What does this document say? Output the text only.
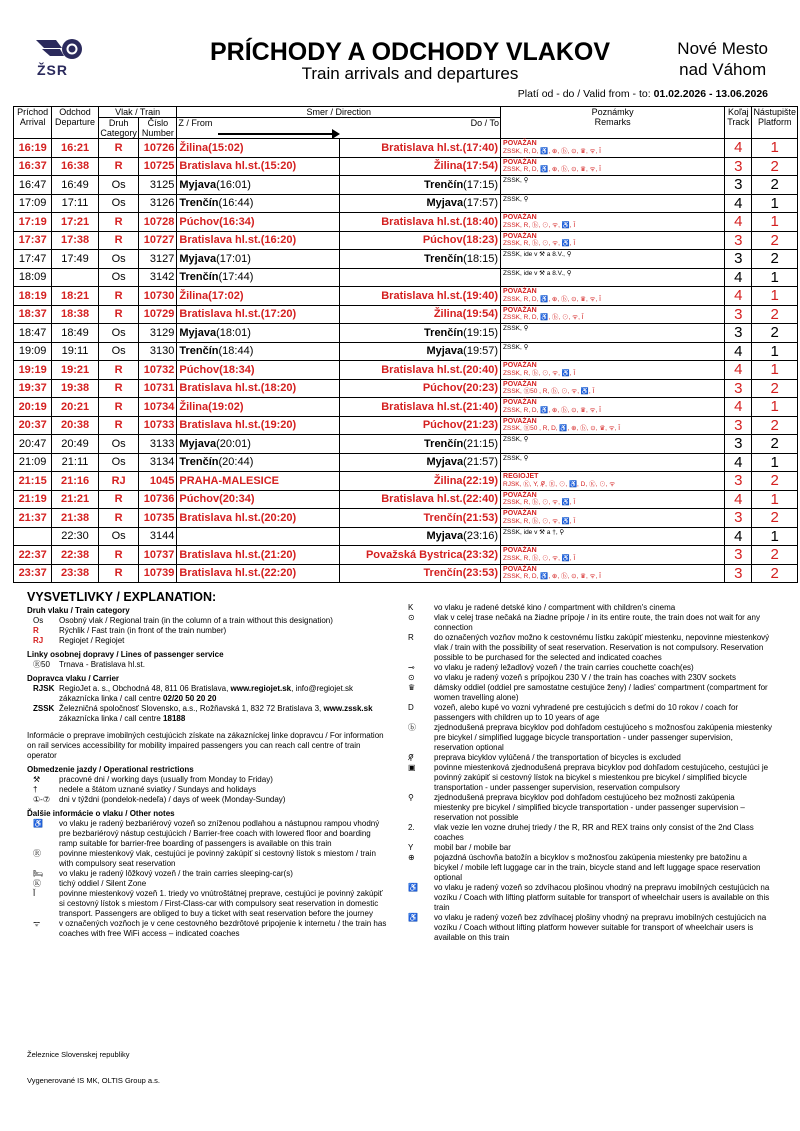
ŽSR
PRÍCHODY A ODCHODY VLAKOV
Train arrivals and departures
Nové Mesto
nad Váhom
Platí od - do / Valid from - to: 01.02.2026 - 13.06.2026
Príchod
Arrival	Odchod
Departure	Vlak / Train		Smer / Direction		Poznámky
Remarks	Koľaj
Track	Nástupište
Platform
		Druh
Category	Číslo
Number	Z / From	Do / To			
16:19	16:21	R	10726	Žilina(15:02)	Bratislava hl.st.(17:40)	POVAŽAN
ZSSK, R, D, ♿, ⊕, ⓑ, ⊙, ♛, ᯤ, Ĭ	4	1
16:37	16:38	R	10725	Bratislava hl.st.(15:20)	Žilina(17:54)	POVAŽAN
ZSSK, R, D, ♿, ⊕, ⓑ, ⊙, ♛, ᯤ, Ĭ	3	2
16:47	16:49	Os	3125	Myjava(16:01)	Trenčín(17:15)	ZSSK, ⚲	3	2
17:09	17:11	Os	3126	Trenčín(16:44)	Myjava(17:57)	ZSSK, ⚲	4	1
17:19	17:21	R	10728	Púchov(16:34)	Bratislava hl.st.(18:40)	POVAŽAN
ZSSK, R, ⓑ, ⊙, ᯤ, ♿, Ĭ	4	1
17:37	17:38	R	10727	Bratislava hl.st.(16:20)	Púchov(18:23)	POVAŽAN
ZSSK, R, ⓑ, ⊙, ᯤ, ♿, Ĭ	3	2
17:47	17:49	Os	3127	Myjava(17:01)	Trenčín(18:15)	ZSSK, ide v ⚒ a 8.V., ⚲	3	2
18:09		Os	3142	Trenčín(17:44)		ZSSK, ide v ⚒ a 8.V., ⚲	4	1
18:19	18:21	R	10730	Žilina(17:02)	Bratislava hl.st.(19:40)	POVAŽAN
ZSSK, R, D, ♿, ⊕, ⓑ, ⊙, ♛, ᯤ, Ĭ	4	1
18:37	18:38	R	10729	Bratislava hl.st.(17:20)	Žilina(19:54)	POVAŽAN
ZSSK, R, D, ♿, ⓑ, ⊙, ᯤ, Ĭ	3	2
18:47	18:49	Os	3129	Myjava(18:01)	Trenčín(19:15)	ZSSK, ⚲	3	2
19:09	19:11	Os	3130	Trenčín(18:44)	Myjava(19:57)	ZSSK, ⚲	4	1
19:19	19:21	R	10732	Púchov(18:34)	Bratislava hl.st.(20:40)	POVAŽAN
ZSSK, R, ⓑ, ⊙, ᯤ, ♿, Ĭ	4	1
19:37	19:38	R	10731	Bratislava hl.st.(18:20)	Púchov(20:23)	POVAŽAN
ZSSK, Ⓡ50 , R, ⓑ, ⊙, ᯤ, ♿, Ĭ	3	2
20:19	20:21	R	10734	Žilina(19:02)	Bratislava hl.st.(21:40)	POVAŽAN
ZSSK, R, D, ♿, ⊕, ⓑ, ⊙, ♛, ᯤ, Ĭ	4	1
20:37	20:38	R	10733	Bratislava hl.st.(19:20)	Púchov(21:23)	POVAŽAN
ZSSK, Ⓡ50 , R, D, ♿, ⊕, ⓑ, ⊙, ♛, ᯤ, Ĭ	3	2
20:47	20:49	Os	3133	Myjava(20:01)	Trenčín(21:15)	ZSSK, ⚲	3	2
21:09	21:11	Os	3134	Trenčín(20:44)	Myjava(21:57)	ZSSK, ⚲	4	1
21:15	21:16	RJ	1045	PRAHA-MALESICE	Žilina(22:19)	REGIOJET
RJSK, Ⓚ, Y, ⚲̸, Ⓡ, ⊙, ♿, D, Ⓚ, ⊙, ᯤ	3	2
21:19	21:21	R	10736	Púchov(20:34)	Bratislava hl.st.(22:40)	POVAŽAN
ZSSK, R, ⓑ, ⊙, ᯤ, ♿, Ĭ	4	1
21:37	21:38	R	10735	Bratislava hl.st.(20:20)	Trenčín(21:53)	POVAŽAN
ZSSK, R, ⓑ, ⊙, ᯤ, ♿, Ĭ	3	2
	22:30	Os	3144		Myjava(23:16)	ZSSK, ide v ⚒ a †, ⚲	4	1
22:37	22:38	R	10737	Bratislava hl.st.(21:20)	Považská Bystrica(23:32)	POVAŽAN
ZSSK, R, ⓑ, ⊙, ᯤ, ♿, Ĭ	3	2
23:37	23:38	R	10739	Bratislava hl.st.(22:20)	Trenčín(23:53)	POVAŽAN
ZSSK, R, D, ♿, ⊕, ⓑ, ⊙, ♛, ᯤ, Ĭ	3	2
VYSVETLIVKY / EXPLANATION:
Druh vlaku / Train category
Os	Osobný vlak / Regional train (in the column of a train without this designation)
R	Rýchlik / Fast train (in front of the train number)
RJ	Regiojet / Regiojet
Linky osobnej dopravy / Lines of passenger service
Ⓡ50	Trnava - Bratislava hl.st.
Dopravca vlaku / Carrier
RJSK RegioJet a. s., Obchodná 48, 811 06 Bratislava, www.regiojet.sk, info@regiojet.sk
zákaznícka linka / call centre 02/20 50 20 20
ZSSK Železničná spoločnosť Slovensko, a.s., Rožňavská 1, 832 72 Bratislava 3, www.zssk.sk
zákaznícka linka / call centre 18188
Informácie o preprave imobilných cestujúcich získate na zákazníckej linke dopravcu / For information on rail services accessibility for mobility impaired passengers you can reach call centre of train operator
Obmedzenie jazdy / Operational restrictions
⚒	pracovné dni / working days (usually from Monday to Friday)
†	nedele a štátom uznané sviatky / Sundays and holidays
①-⑦	dni v týždni (pondelok-nedeľa) / days of week (Monday-Sunday)
Ďalšie informácie o vlaku / Other notes
♿	vo vlaku je radený bezbariérový vozeň so zníženou podlahou a nástupnou rampou vhodný pre bezbariérový nástup cestujúcich / Barrier-free coach with lowered floor and boarding ramp suitable for barrier-free boarding of passengers is available on this train
Ⓡ	povinne miestenkový vlak, cestujúci je povinný zakúpiť si cestovný lístok s miestom / train with compulsory seat reservation
🛏	vo vlaku je radený lôžkový vozeň / the train carries sleeping-car(s)
Ⓚ	tichý oddiel / Silent Zone
Ĭ	povinne miestenkový vozeň 1. triedy vo vnútroštátnej preprave, cestujúci je povinný zakúpiť si cestovný lístok s miestom / First-Class-car with compulsory seat reservation in domestic transport. Passengers are obliged to buy a ticket with seat reservation before the journey
ᯤ	v označených vozňoch je v cene cestovného bezdrôtové pripojenie k internetu / the train has coaches with free WiFi access – indicated coaches
K	vo vlaku je radené detské kino / compartment with children's cinema
⊙	vlak v celej trase nečaká na žiadne prípoje / in its entire route, the train does not wait for any connection
R	do označených vozňov možno k cestovnému lístku zakúpiť miestenku, nepovinne miestenkový vlak / train with the possibility of seat reservation. Reservation is not compulsory. Reservation possible to be purchased for the selected and indicated coaches
⊸	vo vlaku je radený ležadlový vozeň / the train carries couchette coach(es)
⊙	vo vlaku je radený vozeň s prípojkou 230 V / the train has coaches with 230V sockets
♛	dámsky oddiel (oddiel pre samostatne cestujúce ženy) / ladies' compartment (compartment for women travelling alone)
D	vozeň, alebo kupé vo vozni vyhradené pre cestujúcich s deťmi do 10 rokov / coach for passengers with children up to 10 years of age
ⓑ	zjednodušená preprava bicyklov pod dohľadom cestujúceho s možnosťou zakúpenia miestenky pre bicykel / simplified luggage bicycle transportation - under passenger supervision, reservation optional
⚲̸	preprava bicyklov vylúčená / the transportation of bicycles is excluded
▣	povinne miestenková zjednodušená preprava bicyklov pod dohľadom cestujúceho, cestujúci je povinný zakúpiť si cestovný lístok na bicykel s miestenkou pre bicykel / simplified bicycle transportation - under passenger supervision, reservation compulsory
⚲	zjednodušená preprava bicyklov pod dohľadom cestujúceho bez možnosti zakúpenia miestenky pre bicykel / simplified bicycle transportation - under passenger supervision – reservation not possible
2.	vlak vezie len vozne druhej triedy / the R, RR and REX trains only consist of the 2nd Class coaches
Y	mobil bar / mobile bar
⊕	pojazdná úschovňa batožín a bicyklov s možnosťou zakúpenia miestenky pre batožinu a bicykel / mobile left luggage car in the train, bicycle stand and left luggage space reservation optional
♿	vo vlaku je radený vozeň so zdvíhacou plošinou vhodný na prepravu imobilných cestujúcich na vozíku / Coach with lifting platform suitable for transport of wheelchair users is available on this train
♿	vo vlaku je radený vozeň bez zdvíhacej plošiny vhodný na prepravu imobilných cestujúcich na vozíku / Coach without lifting platform however suitable for transport of wheelchair users is available on this train
Železnice Slovenskej republiky
Vygenerované IS MK, OLTIS Group a.s.
